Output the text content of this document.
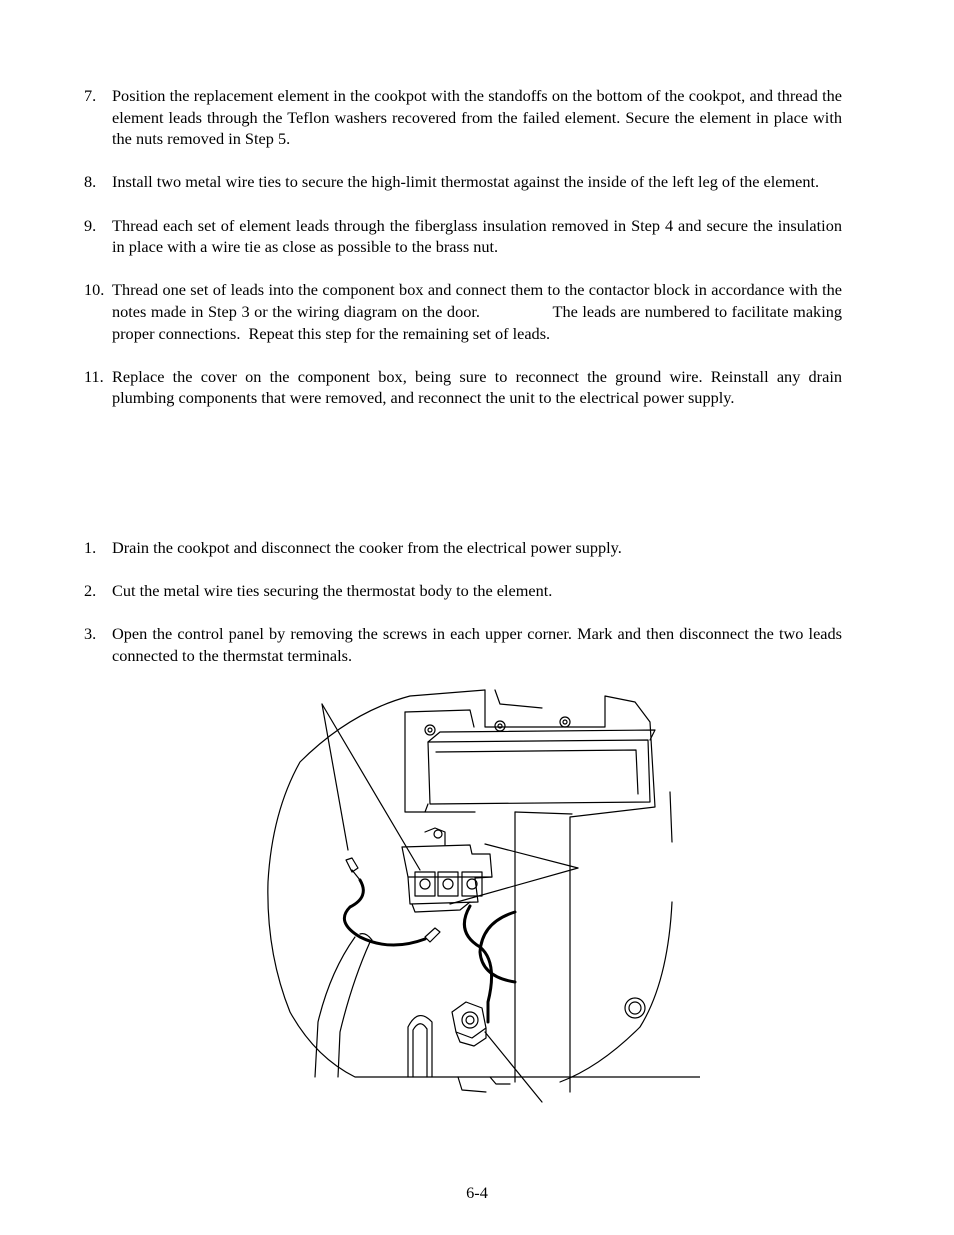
7. Position the replacement element in the cookpot with the standoffs on the bottom of the cookpot, and thread the element leads through the Teflon washers recovered from the failed element. Secure the element in place with the nuts removed in Step 5.

8. Install two metal wire ties to secure the high-limit thermostat against the inside of the left leg of the element.

9. Thread each set of element leads through the fiberglass insulation removed in Step 4 and secure the insulation in place with a wire tie as close as possible to the brass nut.

10. Thread one set of leads into the component box and connect them to the contactor block in accordance with the notes made in Step 3 or the wiring diagram on the door.                The leads are numbered to facilitate making proper connections.  Repeat this step for the remaining set of leads.

11. Replace the cover on the component box, being sure to reconnect the ground wire. Reinstall any drain plumbing components that were removed, and reconnect the unit to the electrical power supply.

1. Drain the cookpot and disconnect the cooker from the electrical power supply.

2. Cut the metal wire ties securing the thermostat body to the element.

3. Open the control panel by removing the screws in each upper corner. Mark and then disconnect the two leads connected to the thermstat terminals.

6-4
